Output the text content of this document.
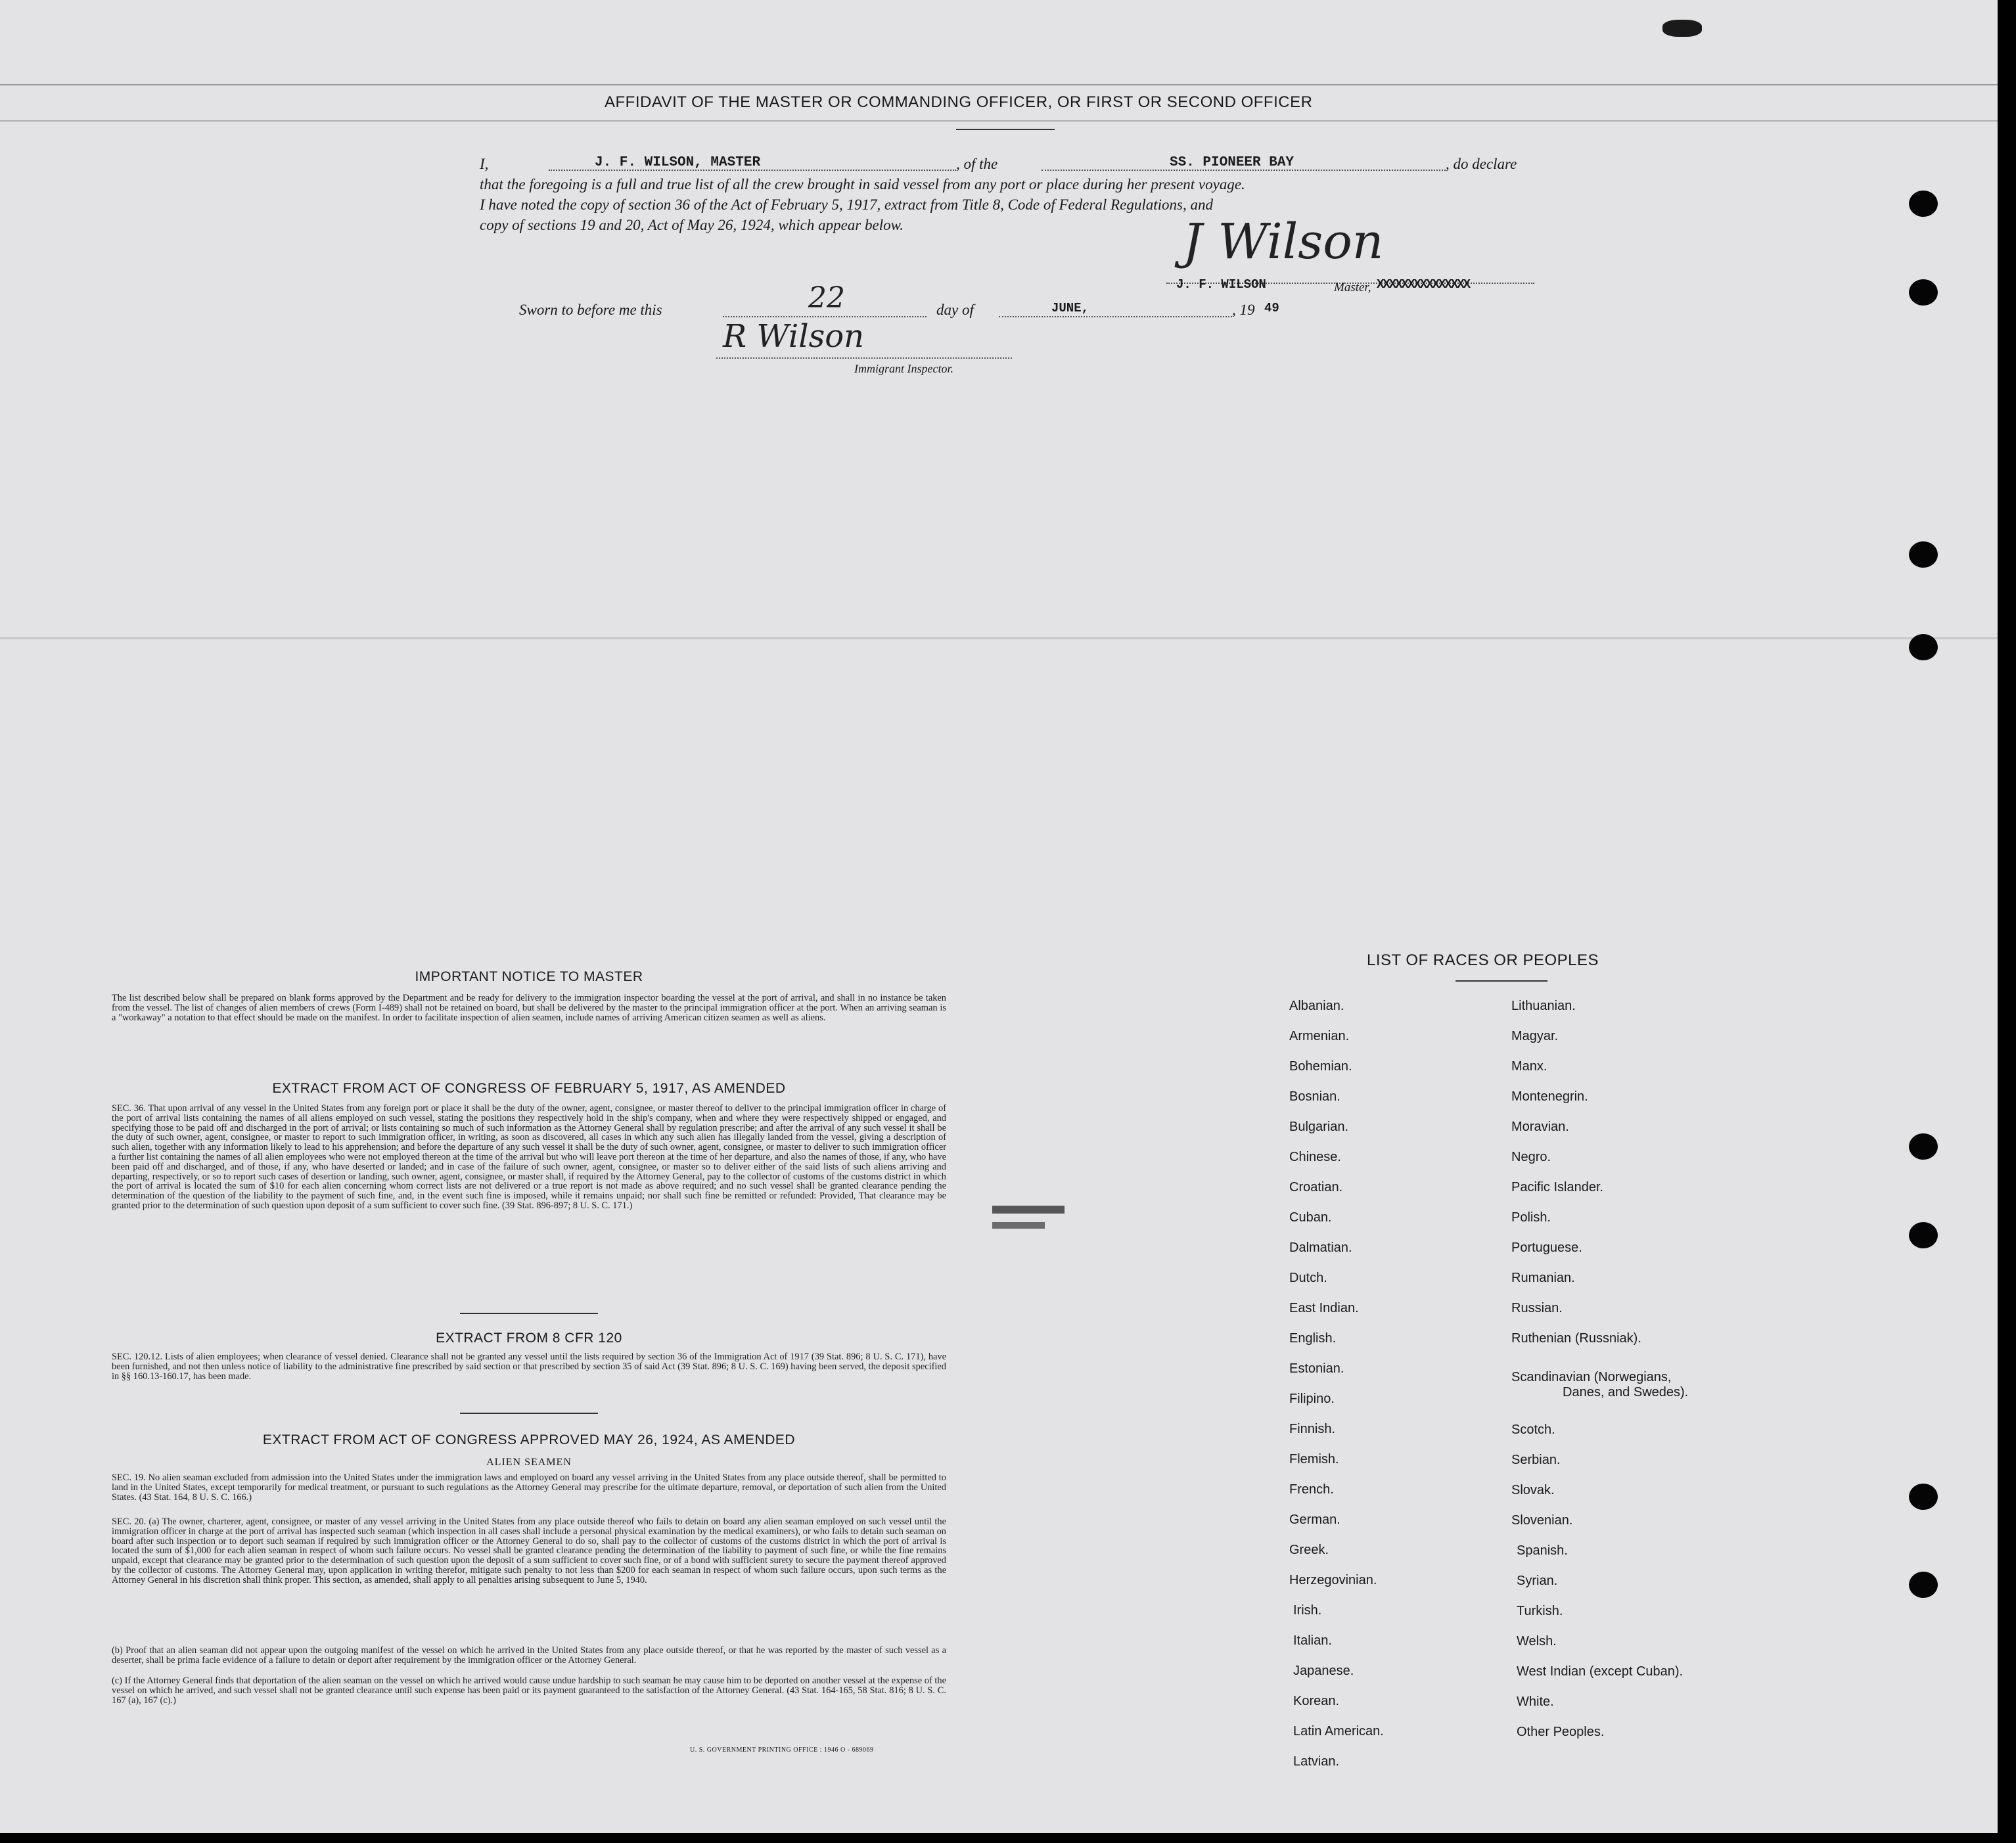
AFFIDAVIT OF THE MASTER OR COMMANDING OFFICER, OR FIRST OR SECOND OFFICER
I,	J. F. WILSON, MASTER	, of the	SS. PIONEER BAY	, do declare
that the foregoing is a full and true list of all the crew brought in said vessel from any port or place during her present voyage.
I have noted the copy of section 36 of the Act of February 5, 1917, extract from Title 8, Code of Federal Regulations, and
copy of sections 19 and 20, Act of May 26, 1924, which appear below.	J Wilson
J. F. WILSON	Master, XXXXXXXXXXXXXXX
Sworn to before me this	22	day of	JUNE,	, 19 49
R Wilson
Immigrant Inspector.
IMPORTANT NOTICE TO MASTER
The list described below shall be prepared on blank forms approved by the Department and be ready for delivery to the immigration inspector boarding the vessel at the port of arrival, and shall in no instance be taken from the vessel. The list of changes of alien members of crews (Form I-489) shall not be retained on board, but shall be delivered by the master to the principal immigration officer at the port. When an arriving seaman is a "workaway" a notation to that effect should be made on the manifest. In order to facilitate inspection of alien seamen, include names of arriving American citizen seamen as well as aliens.
EXTRACT FROM ACT OF CONGRESS OF FEBRUARY 5, 1917, AS AMENDED
SEC. 36. That upon arrival of any vessel in the United States from any foreign port or place it shall be the duty of the owner, agent, consignee, or master thereof to deliver to the principal immigration officer in charge of the port of arrival lists containing the names of all aliens employed on such vessel, stating the positions they respectively hold in the ship's company, when and where they were respectively shipped or engaged, and specifying those to be paid off and discharged in the port of arrival; or lists containing so much of such information as the Attorney General shall by regulation prescribe; and after the arrival of any such vessel it shall be the duty of such owner, agent, consignee, or master to report to such immigration officer, in writing, as soon as discovered, all cases in which any such alien has illegally landed from the vessel, giving a description of such alien, together with any information likely to lead to his apprehension; and before the departure of any such vessel it shall be the duty of such owner, agent, consignee, or master to deliver to such immigration officer a further list containing the names of all alien employees who were not employed thereon at the time of the arrival but who will leave port thereon at the time of her departure, and also the names of those, if any, who have been paid off and discharged, and of those, if any, who have deserted or landed; and in case of the failure of such owner, agent, consignee, or master so to deliver either of the said lists of such aliens arriving and departing, respectively, or so to report such cases of desertion or landing, such owner, agent, consignee, or master shall, if required by the Attorney General, pay to the collector of customs of the customs district in which the port of arrival is located the sum of $10 for each alien concerning whom correct lists are not delivered or a true report is not made as above required; and no such vessel shall be granted clearance pending the determination of the question of the liability to the payment of such fine, and, in the event such fine is imposed, while it remains unpaid; nor shall such fine be remitted or refunded: Provided, That clearance may be granted prior to the determination of such question upon deposit of a sum sufficient to cover such fine. (39 Stat. 896-897; 8 U. S. C. 171.)
EXTRACT FROM 8 CFR 120
SEC. 120.12. Lists of alien employees; when clearance of vessel denied. Clearance shall not be granted any vessel until the lists required by section 36 of the Immigration Act of 1917 (39 Stat. 896; 8 U. S. C. 171), have been furnished, and not then unless notice of liability to the administrative fine prescribed by said section or that prescribed by section 35 of said Act (39 Stat. 896; 8 U. S. C. 169) having been served, the deposit specified in §§ 160.13-160.17, has been made.
EXTRACT FROM ACT OF CONGRESS APPROVED MAY 26, 1924, AS AMENDED
ALIEN SEAMEN
SEC. 19. No alien seaman excluded from admission into the United States under the immigration laws and employed on board any vessel arriving in the United States from any place outside thereof, shall be permitted to land in the United States, except temporarily for medical treatment, or pursuant to such regulations as the Attorney General may prescribe for the ultimate departure, removal, or deportation of such alien from the United States. (43 Stat. 164, 8 U. S. C. 166.)
SEC. 20. (a) The owner, charterer, agent, consignee, or master of any vessel arriving in the United States from any place outside thereof who fails to detain on board any alien seaman employed on such vessel until the immigration officer in charge at the port of arrival has inspected such seaman (which inspection in all cases shall include a personal physical examination by the medical examiners), or who fails to detain such seaman on board after such inspection or to deport such seaman if required by such immigration officer or the Attorney General to do so, shall pay to the collector of customs of the customs district in which the port of arrival is located the sum of $1,000 for each alien seaman in respect of whom such failure occurs. No vessel shall be granted clearance pending the determination of the liability to payment of such fine, or while the fine remains unpaid, except that clearance may be granted prior to the determination of such question upon the deposit of a sum sufficient to cover such fine, or of a bond with sufficient surety to secure the payment thereof approved by the collector of customs. The Attorney General may, upon application in writing therefor, mitigate such penalty to not less than $200 for each seaman in respect of whom such failure occurs, upon such terms as the Attorney General in his discretion shall think proper. This section, as amended, shall apply to all penalties arising subsequent to June 5, 1940.
(b) Proof that an alien seaman did not appear upon the outgoing manifest of the vessel on which he arrived in the United States from any place outside thereof, or that he was reported by the master of such vessel as a deserter, shall be prima facie evidence of a failure to detain or deport after requirement by the immigration officer or the Attorney General.
(c) If the Attorney General finds that deportation of the alien seaman on the vessel on which he arrived would cause undue hardship to such seaman he may cause him to be deported on another vessel at the expense of the vessel on which he arrived, and such vessel shall not be granted clearance until such expense has been paid or its payment guaranteed to the satisfaction of the Attorney General. (43 Stat. 164-165, 58 Stat. 816; 8 U. S. C. 167 (a), 167 (c).)
U. S. GOVERNMENT PRINTING OFFICE : 1946 O - 689069
LIST OF RACES OR PEOPLES
Scandinavian (Norwegians,
Danes, and Swedes).
Albanian.
Armenian.
Bohemian.
Bosnian.
Bulgarian.
Chinese.
Croatian.
Cuban.
Dalmatian.
Dutch.
East Indian.
English.
Estonian.
Filipino.
Finnish.
Flemish.
French.
German.
Greek.
Herzegovinian.
Irish.
Italian.
Japanese.
Korean.
Latin American.
Latvian.
Lithuanian.
Magyar.
Manx.
Montenegrin.
Moravian.
Negro.
Pacific Islander.
Polish.
Portuguese.
Rumanian.
Russian.
Ruthenian (Russniak).
Scotch.
Serbian.
Slovak.
Slovenian.
Spanish.
Syrian.
Turkish.
Welsh.
West Indian (except Cuban).
White.
Other Peoples.
